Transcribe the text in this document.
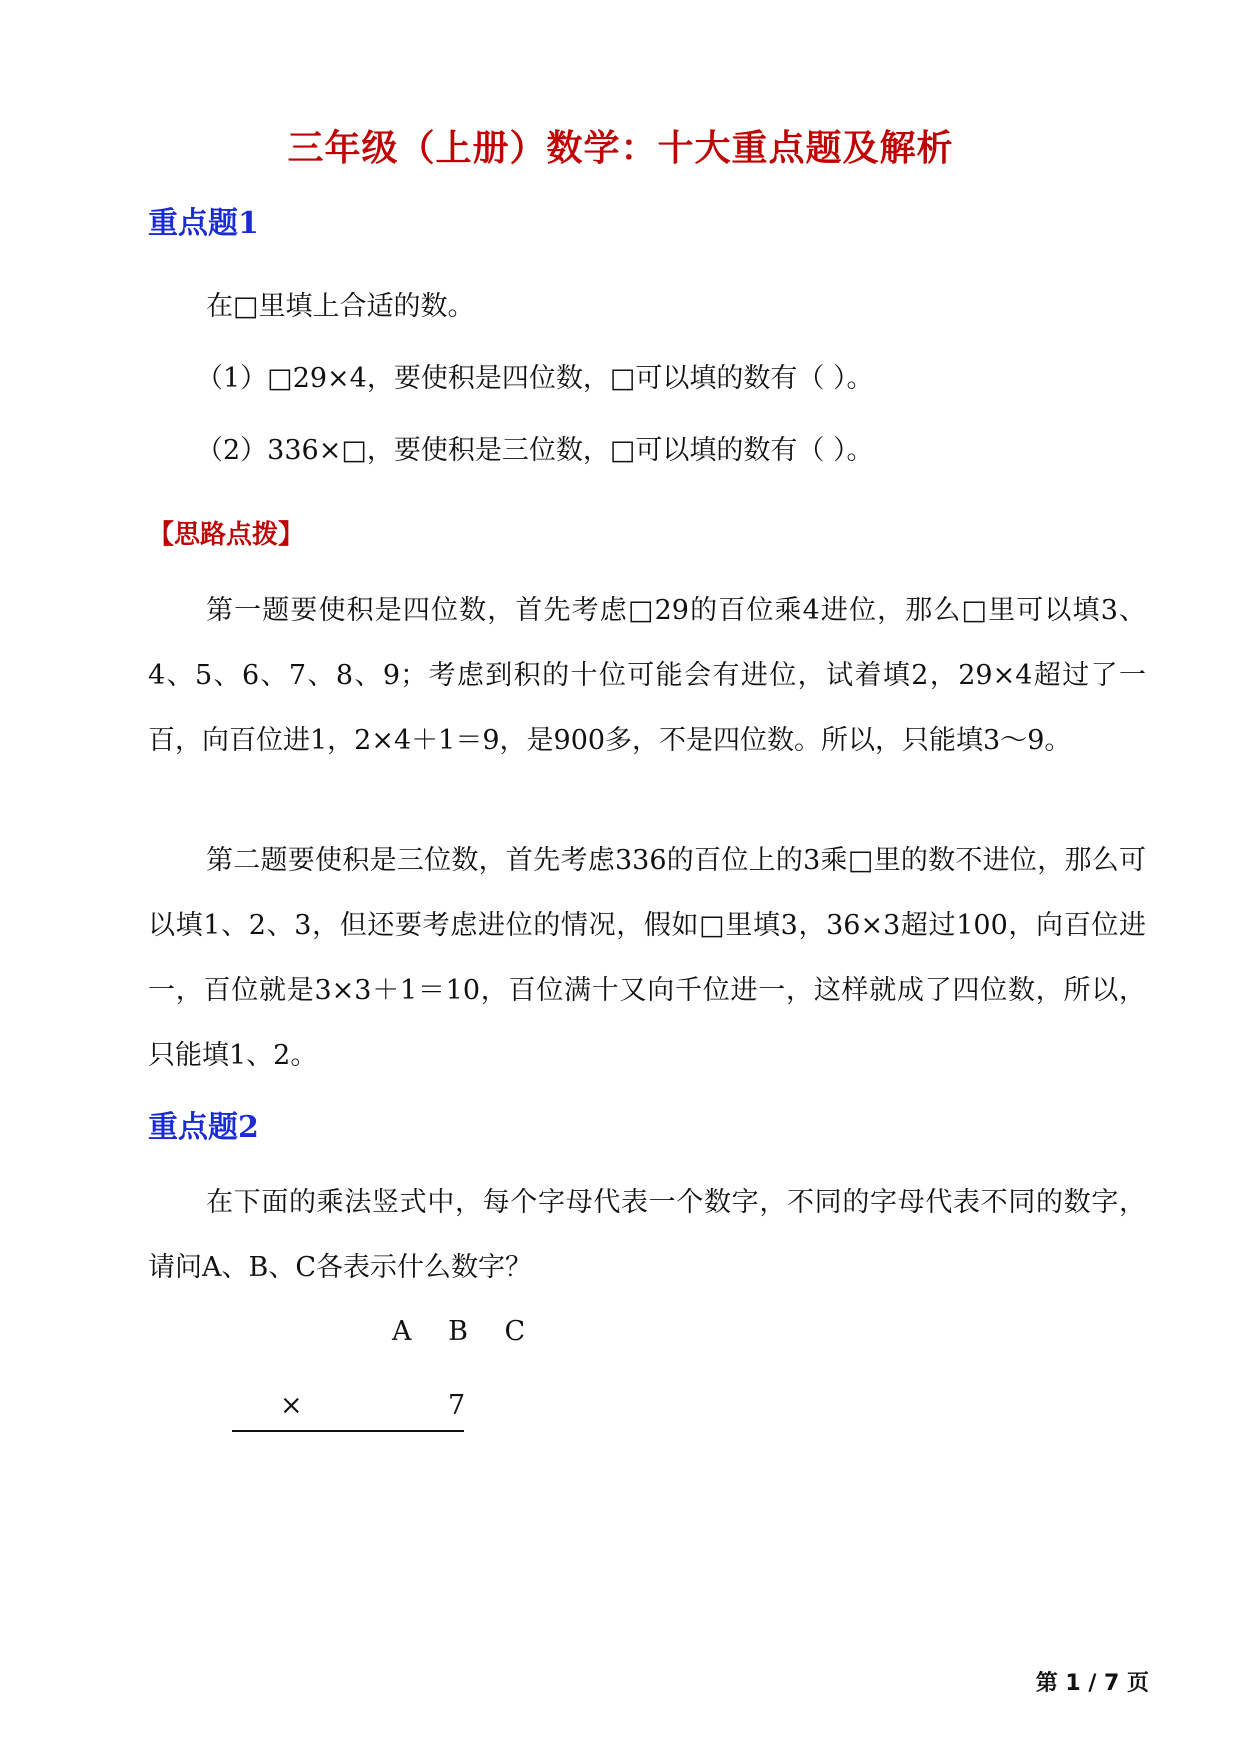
三年级（上册）数学：十大重点题及解析
重点题1
在□里填上合适的数。
（1）□29×4，要使积是四位数，□可以填的数有（ ）。
（2）336×□，要使积是三位数，□可以填的数有（ ）。
【思路点拨】
第一题要使积是四位数，首先考虑□29的百位乘4进位，那么□里可以填3、4、5、6、7、8、9；考虑到积的十位可能会有进位，试着填2，29×4超过了一百，向百位进1，2×4＋1＝9，是900多，不是四位数。所以，只能填3～9。
第二题要使积是三位数，首先考虑336的百位上的3乘□里的数不进位，那么可以填1、2、3，但还要考虑进位的情况，假如□里填3，36×3超过100，向百位进一，百位就是3×3＋1＝10，百位满十又向千位进一，这样就成了四位数，所以，只能填1、2。
重点题2
在下面的乘法竖式中，每个字母代表一个数字，不同的字母代表不同的数字，请问A、B、C各表示什么数字？
A B C
×	7
第 1 / 7 页
